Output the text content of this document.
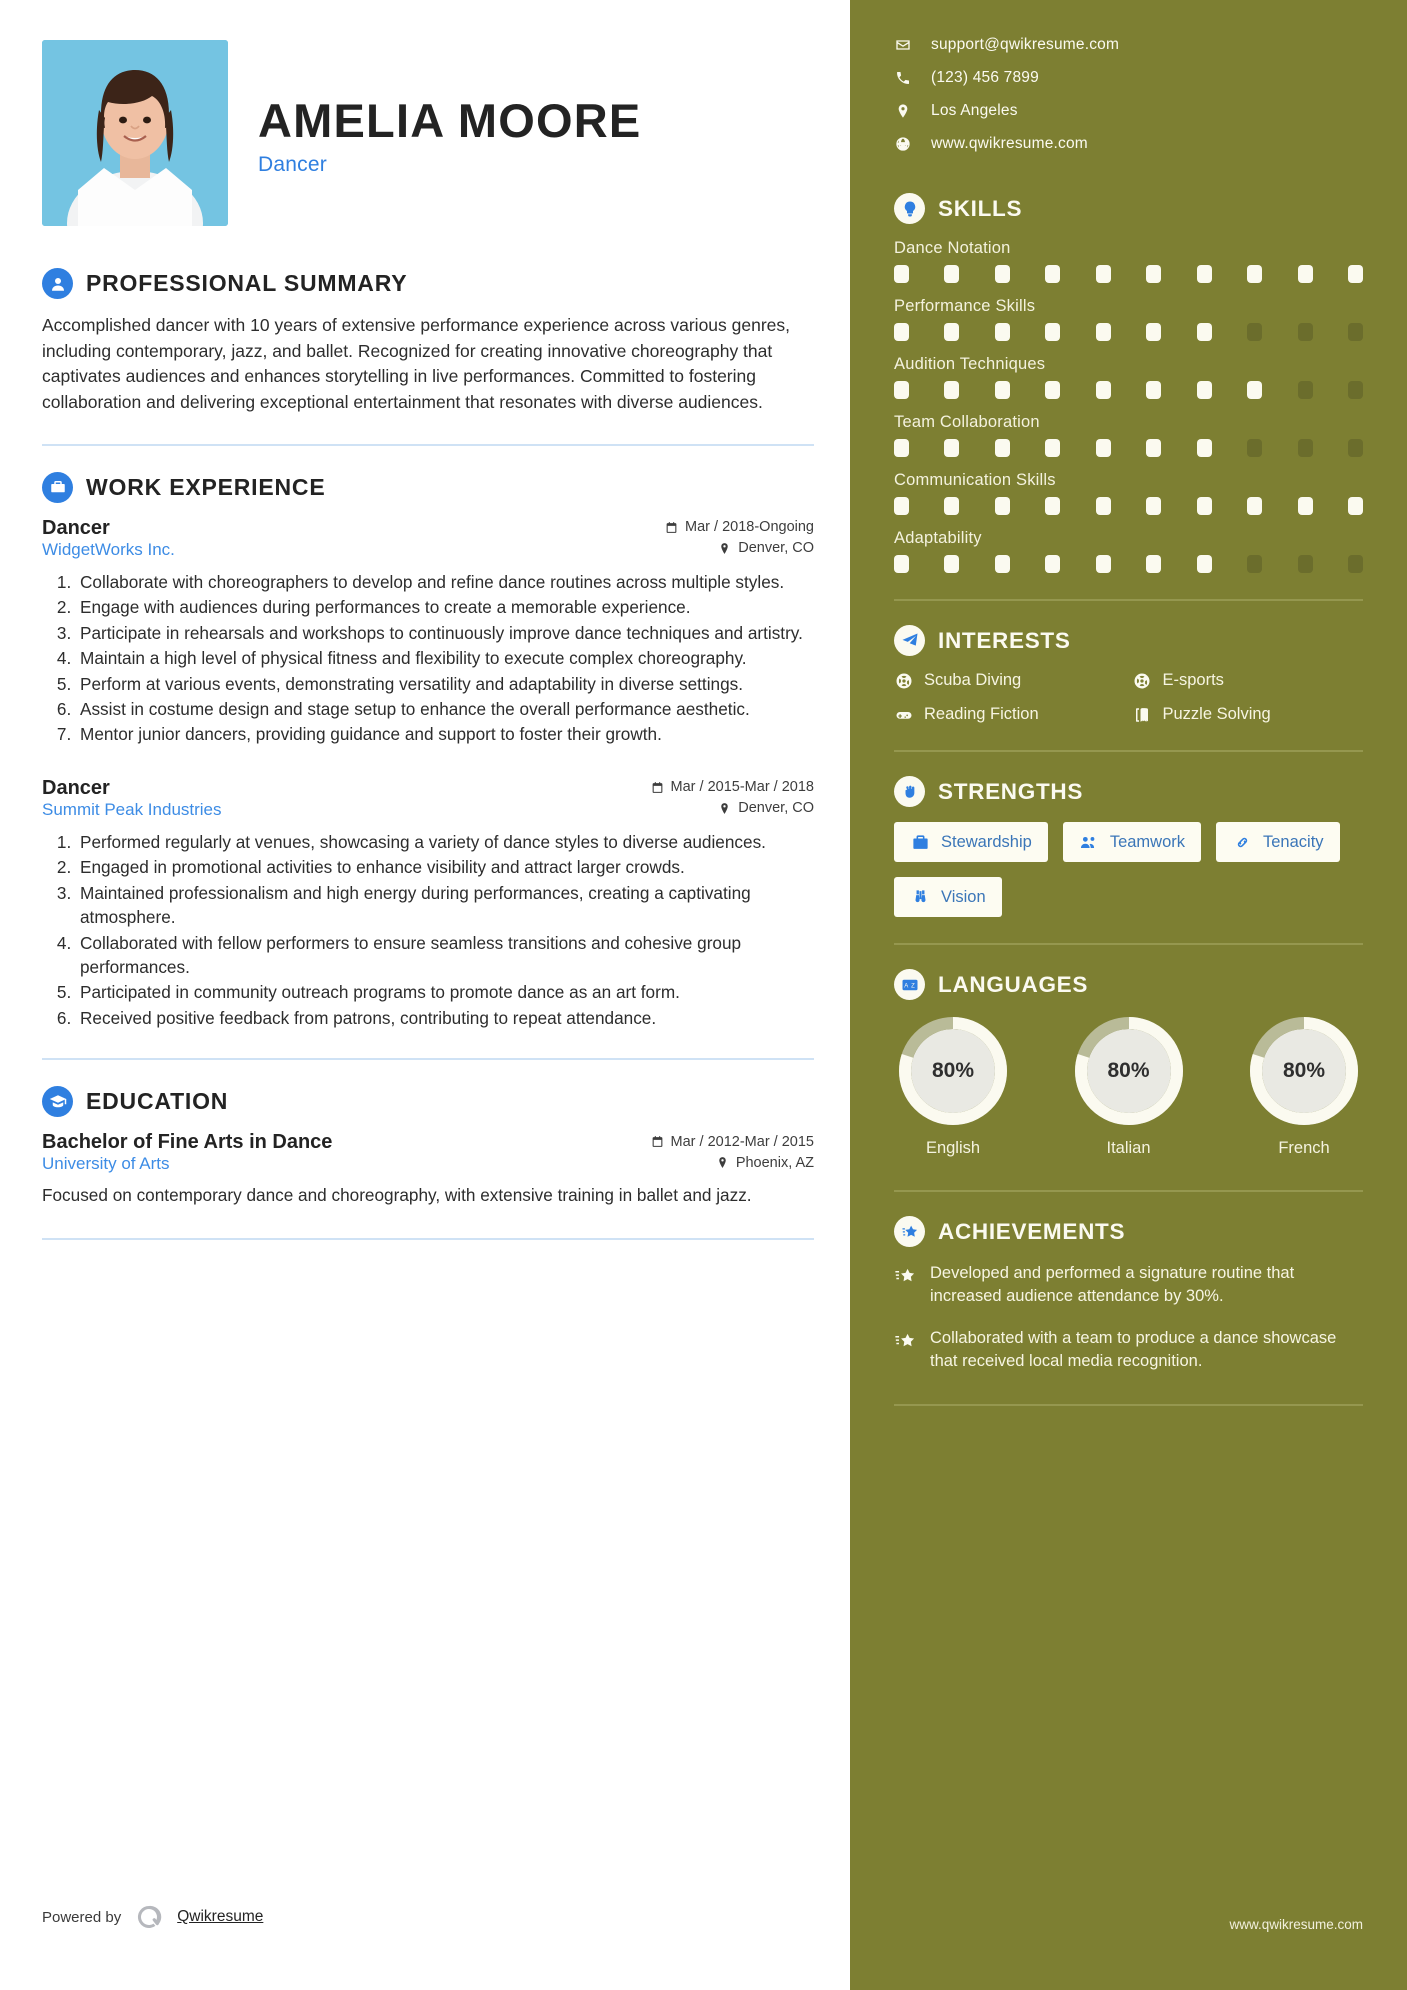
AMELIA MOORE
Dancer
PROFESSIONAL SUMMARY
Accomplished dancer with 10 years of extensive performance experience across various genres, including contemporary, jazz, and ballet. Recognized for creating innovative choreography that captivates audiences and enhances storytelling in live performances. Committed to fostering collaboration and delivering exceptional entertainment that resonates with diverse audiences.
WORK EXPERIENCE
Dancer	Mar / 2018-Ongoing
WidgetWorks Inc.	Denver, CO
1. Collaborate with choreographers to develop and refine dance routines across multiple styles.
2. Engage with audiences during performances to create a memorable experience.
3. Participate in rehearsals and workshops to continuously improve dance techniques and artistry.
4. Maintain a high level of physical fitness and flexibility to execute complex choreography.
5. Perform at various events, demonstrating versatility and adaptability in diverse settings.
6. Assist in costume design and stage setup to enhance the overall performance aesthetic.
7. Mentor junior dancers, providing guidance and support to foster their growth.
Dancer	Mar / 2015-Mar / 2018
Summit Peak Industries	Denver, CO
1. Performed regularly at venues, showcasing a variety of dance styles to diverse audiences.
2. Engaged in promotional activities to enhance visibility and attract larger crowds.
3. Maintained professionalism and high energy during performances, creating a captivating atmosphere.
4. Collaborated with fellow performers to ensure seamless transitions and cohesive group performances.
5. Participated in community outreach programs to promote dance as an art form.
6. Received positive feedback from patrons, contributing to repeat attendance.
EDUCATION
Bachelor of Fine Arts in Dance	Mar / 2012-Mar / 2015
University of Arts	Phoenix, AZ
Focused on contemporary dance and choreography, with extensive training in ballet and jazz.
Powered by	Qwikresume
support@qwikresume.com
(123) 456 7899
Los Angeles
www.qwikresume.com
SKILLS
Dance Notation
Performance Skills
Audition Techniques
Team Collaboration
Communication Skills
Adaptability
INTERESTS
Scuba Diving	E-sports
Reading Fiction	Puzzle Solving
STRENGTHS
Stewardship	Teamwork	Tenacity
Vision
A Z LANGUAGES
80%
English
80%
Italian
80%
French
ACHIEVEMENTS
Developed and performed a signature routine that increased audience attendance by 30%.
Collaborated with a team to produce a dance showcase that received local media recognition.
www.qwikresume.com
